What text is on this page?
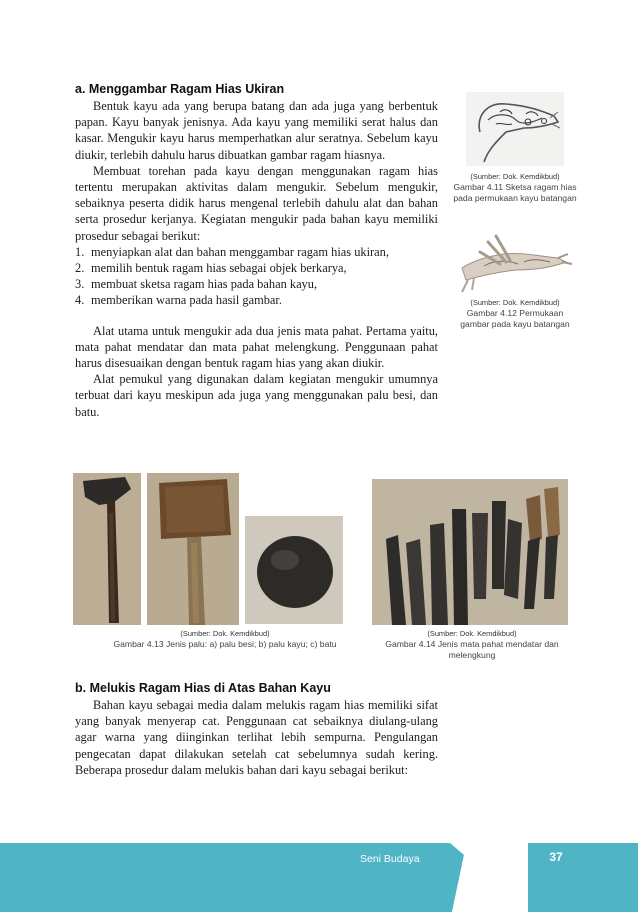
a. Menggambar Ragam Hias Ukiran

Bentuk kayu ada yang berupa batang dan ada juga yang berbentuk papan. Kayu banyak jenisnya. Ada kayu yang memiliki serat halus dan kasar. Mengukir kayu harus memperhatkan alur seratnya. Sebelum kayu diukir, terlebih dahulu harus dibuatkan gambar ragam hiasnya.

Membuat torehan pada kayu dengan menggunakan ragam hias tertentu merupakan aktivitas dalam mengukir. Sebelum mengukir, sebaiknya peserta didik harus mengenal terlebih dahulu alat dan bahan serta prosedur kerjanya. Kegiatan mengukir pada bahan kayu memiliki prosedur sebagai berikut:

1. menyiapkan alat dan bahan menggambar ragam hias ukiran,
2. memilih bentuk ragam hias sebagai objek berkarya,
3. membuat sketsa ragam hias pada bahan kayu,
4. memberikan warna pada hasil gambar.

Alat utama untuk mengukir ada dua jenis mata pahat. Pertama yaitu, mata pahat mendatar dan mata pahat melengkung. Penggunaan pahat harus disesuaikan dengan bentuk ragam hias yang akan diukir.

Alat pemukul yang digunakan dalam kegiatan mengukir umumnya terbuat dari kayu meskipun ada juga yang menggunakan palu besi, dan batu.

(Sumber: Dok. Kemdikbud)
Gambar 4.11 Sketsa ragam hias pada permukaan kayu batangan
(Sumber: Dok. Kemdikbud)
Gambar 4.12 Permukaan gambar pada kayu batangan
(Sumber: Dok. Kemdikbud)
Gambar 4.13 Jenis palu: a) palu besi; b) palu kayu; c) batu
(Sumber: Dok. Kemdikbud)
Gambar 4.14 Jenis mata pahat mendatar dan melengkung
b. Melukis Ragam Hias di Atas Bahan Kayu

Bahan kayu sebagai media dalam melukis ragam hias memiliki sifat yang banyak menyerap cat. Penggunaan cat sebaiknya diulang-ulang agar warna yang diinginkan terlihat lebih sempurna. Pengulangan pengecatan dapat dilakukan setelah cat sebelumnya sudah kering. Beberapa prosedur dalam melukis bahan dari kayu sebagai berikut:

Seni Budaya	37
